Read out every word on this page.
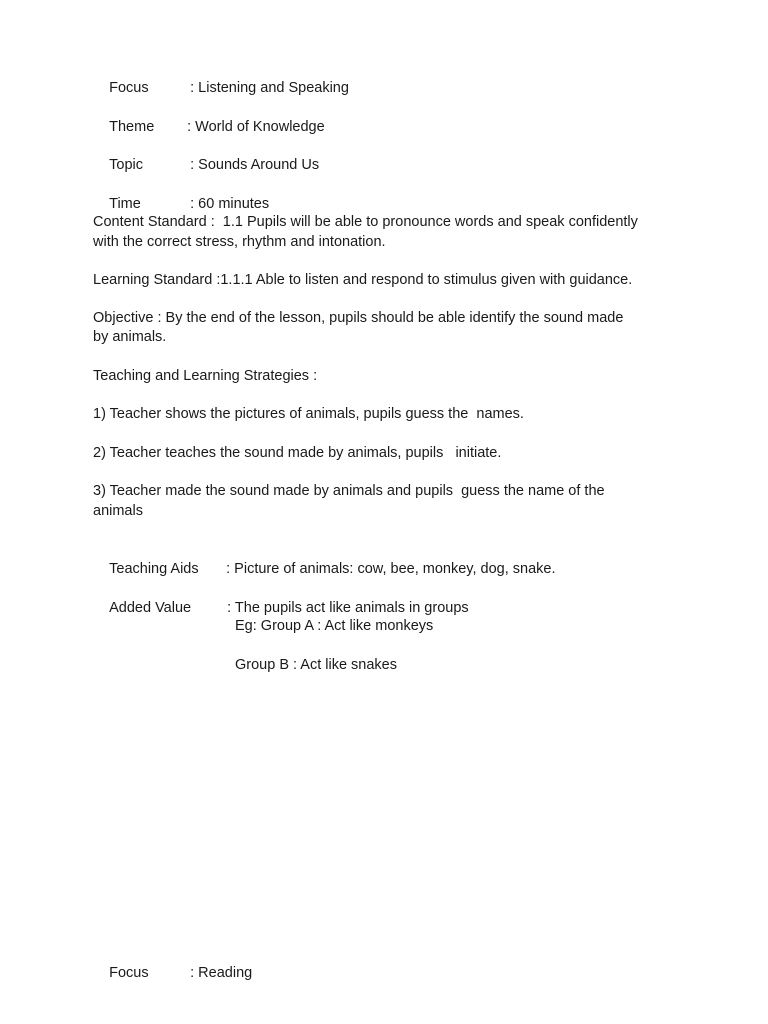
Focus	: Listening and Speaking

Theme : World of Knowledge

Topic	: Sounds Around Us

Time	: 60 minutes

Content Standard :  1.1 Pupils will be able to pronounce words and speak confidently
with the correct stress, rhythm and intonation.
Learning Standard :1.1.1 Able to listen and respond to stimulus given with guidance.
Objective : By the end of the lesson, pupils should be able identify the sound made
by animals.
Teaching and Learning Strategies :
1) Teacher shows the pictures of animals, pupils guess the  names.
2) Teacher teaches the sound made by animals, pupils   initiate.
3) Teacher made the sound made by animals and pupils  guess the name of the
animals

Teaching Aids : Picture of animals: cow, bee, monkey, dog, snake.

Added Value : The pupils act like animals in groups

Eg: Group A : Act like monkeys
Group B : Act like snakes

Focus	: Reading
